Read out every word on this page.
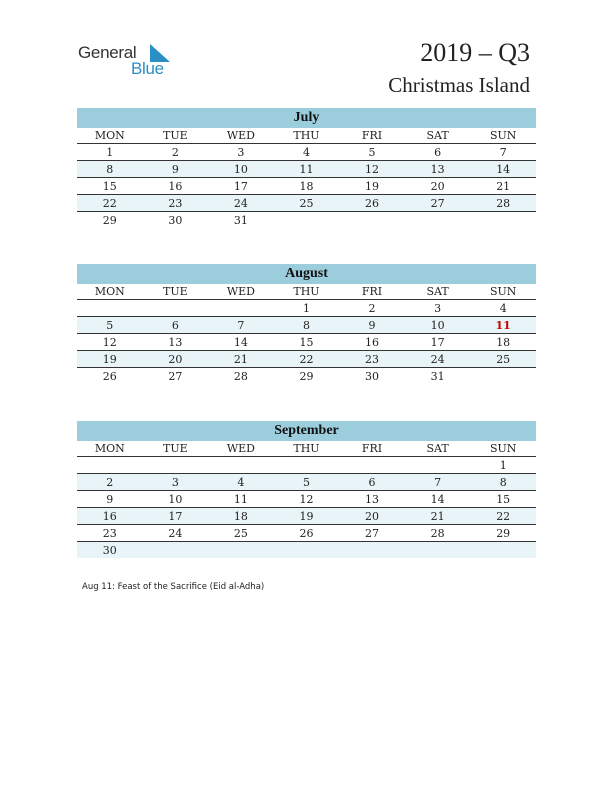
General
Blue
2019 – Q3
Christmas Island
July
MON	TUE	WED	THU	FRI	SAT	SUN
1	2	3	4	5	6	7
8	9	10	11	12	13	14
15	16	17	18	19	20	21
22	23	24	25	26	27	28
29	30	31				
August
MON	TUE	WED	THU	FRI	SAT	SUN
			1	2	3	4
5	6	7	8	9	10	11
12	13	14	15	16	17	18
19	20	21	22	23	24	25
26	27	28	29	30	31	
September
MON	TUE	WED	THU	FRI	SAT	SUN
						1
2	3	4	5	6	7	8
9	10	11	12	13	14	15
16	17	18	19	20	21	22
23	24	25	26	27	28	29
30						
Aug 11: Feast of the Sacrifice (Eid al-Adha)
